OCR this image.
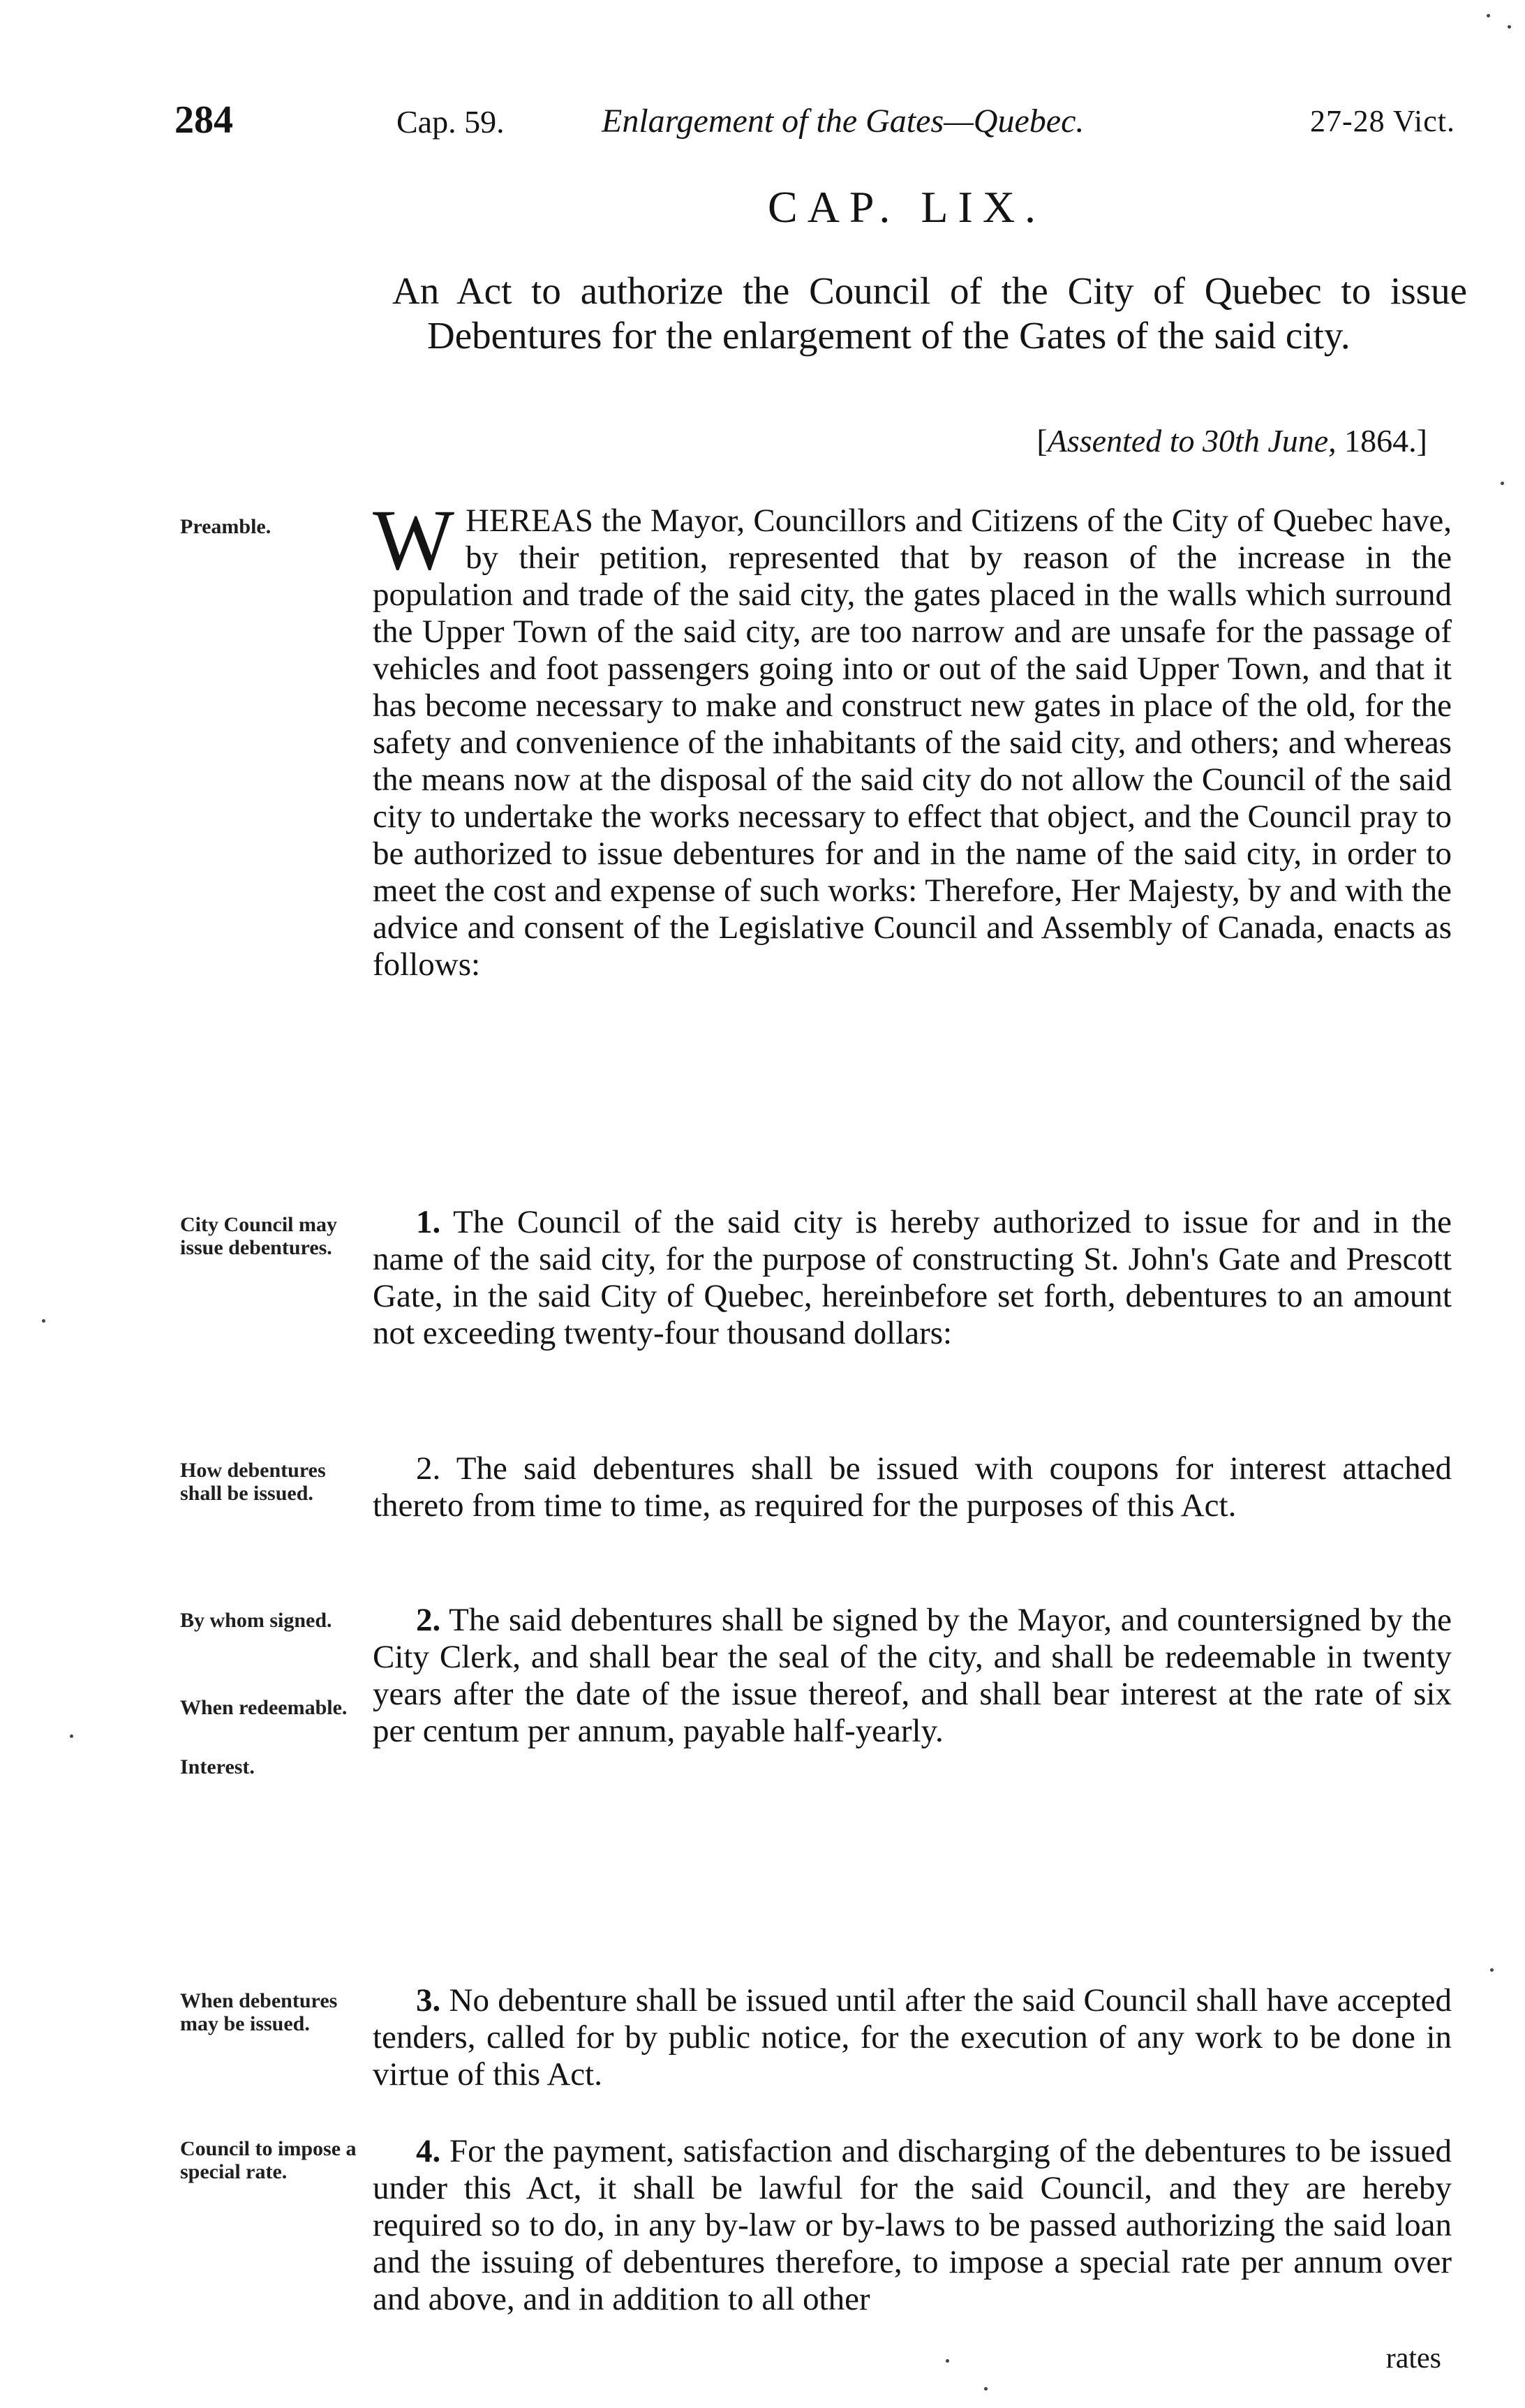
284	Cap. 59.	Enlargement of the Gates—Quebec.	27-28 Vict.
CAP. LIX.
An Act to authorize the Council of the City of Quebec to issue Debentures for the enlargement of the Gates of the said city.
[Assented to 30th June, 1864.]
Preamble.
City Council may issue debentures.
How debentures shall be issued.
By whom signed.
When redeemable.
Interest.
When debentures may be issued.
Council to impose a special rate.
WHEREAS the Mayor, Councillors and Citizens of the City of Quebec have, by their petition, represented that by reason of the increase in the population and trade of the said city, the gates placed in the walls which surround the Upper Town of the said city, are too narrow and are unsafe for the passage of vehicles and foot passengers going into or out of the said Upper Town, and that it has become necessary to make and construct new gates in place of the old, for the safety and convenience of the inhabitants of the said city, and others; and whereas the means now at the disposal of the said city do not allow the Council of the said city to undertake the works necessary to effect that object, and the Council pray to be authorized to issue debentures for and in the name of the said city, in order to meet the cost and expense of such works: Therefore, Her Majesty, by and with the advice and consent of the Legislative Council and Assembly of Canada, enacts as follows:
1. The Council of the said city is hereby authorized to issue for and in the name of the said city, for the purpose of constructing St. John's Gate and Prescott Gate, in the said City of Quebec, hereinbefore set forth, debentures to an amount not exceeding twenty-four thousand dollars:
2. The said debentures shall be issued with coupons for interest attached thereto from time to time, as required for the purposes of this Act.
2. The said debentures shall be signed by the Mayor, and countersigned by the City Clerk, and shall bear the seal of the city, and shall be redeemable in twenty years after the date of the issue thereof, and shall bear interest at the rate of six per centum per annum, payable half-yearly.
3. No debenture shall be issued until after the said Council shall have accepted tenders, called for by public notice, for the execution of any work to be done in virtue of this Act.
4. For the payment, satisfaction and discharging of the debentures to be issued under this Act, it shall be lawful for the said Council, and they are hereby required so to do, in any by-law or by-laws to be passed authorizing the said loan and the issuing of debentures therefore, to impose a special rate per annum over and above, and in addition to all other
rates
